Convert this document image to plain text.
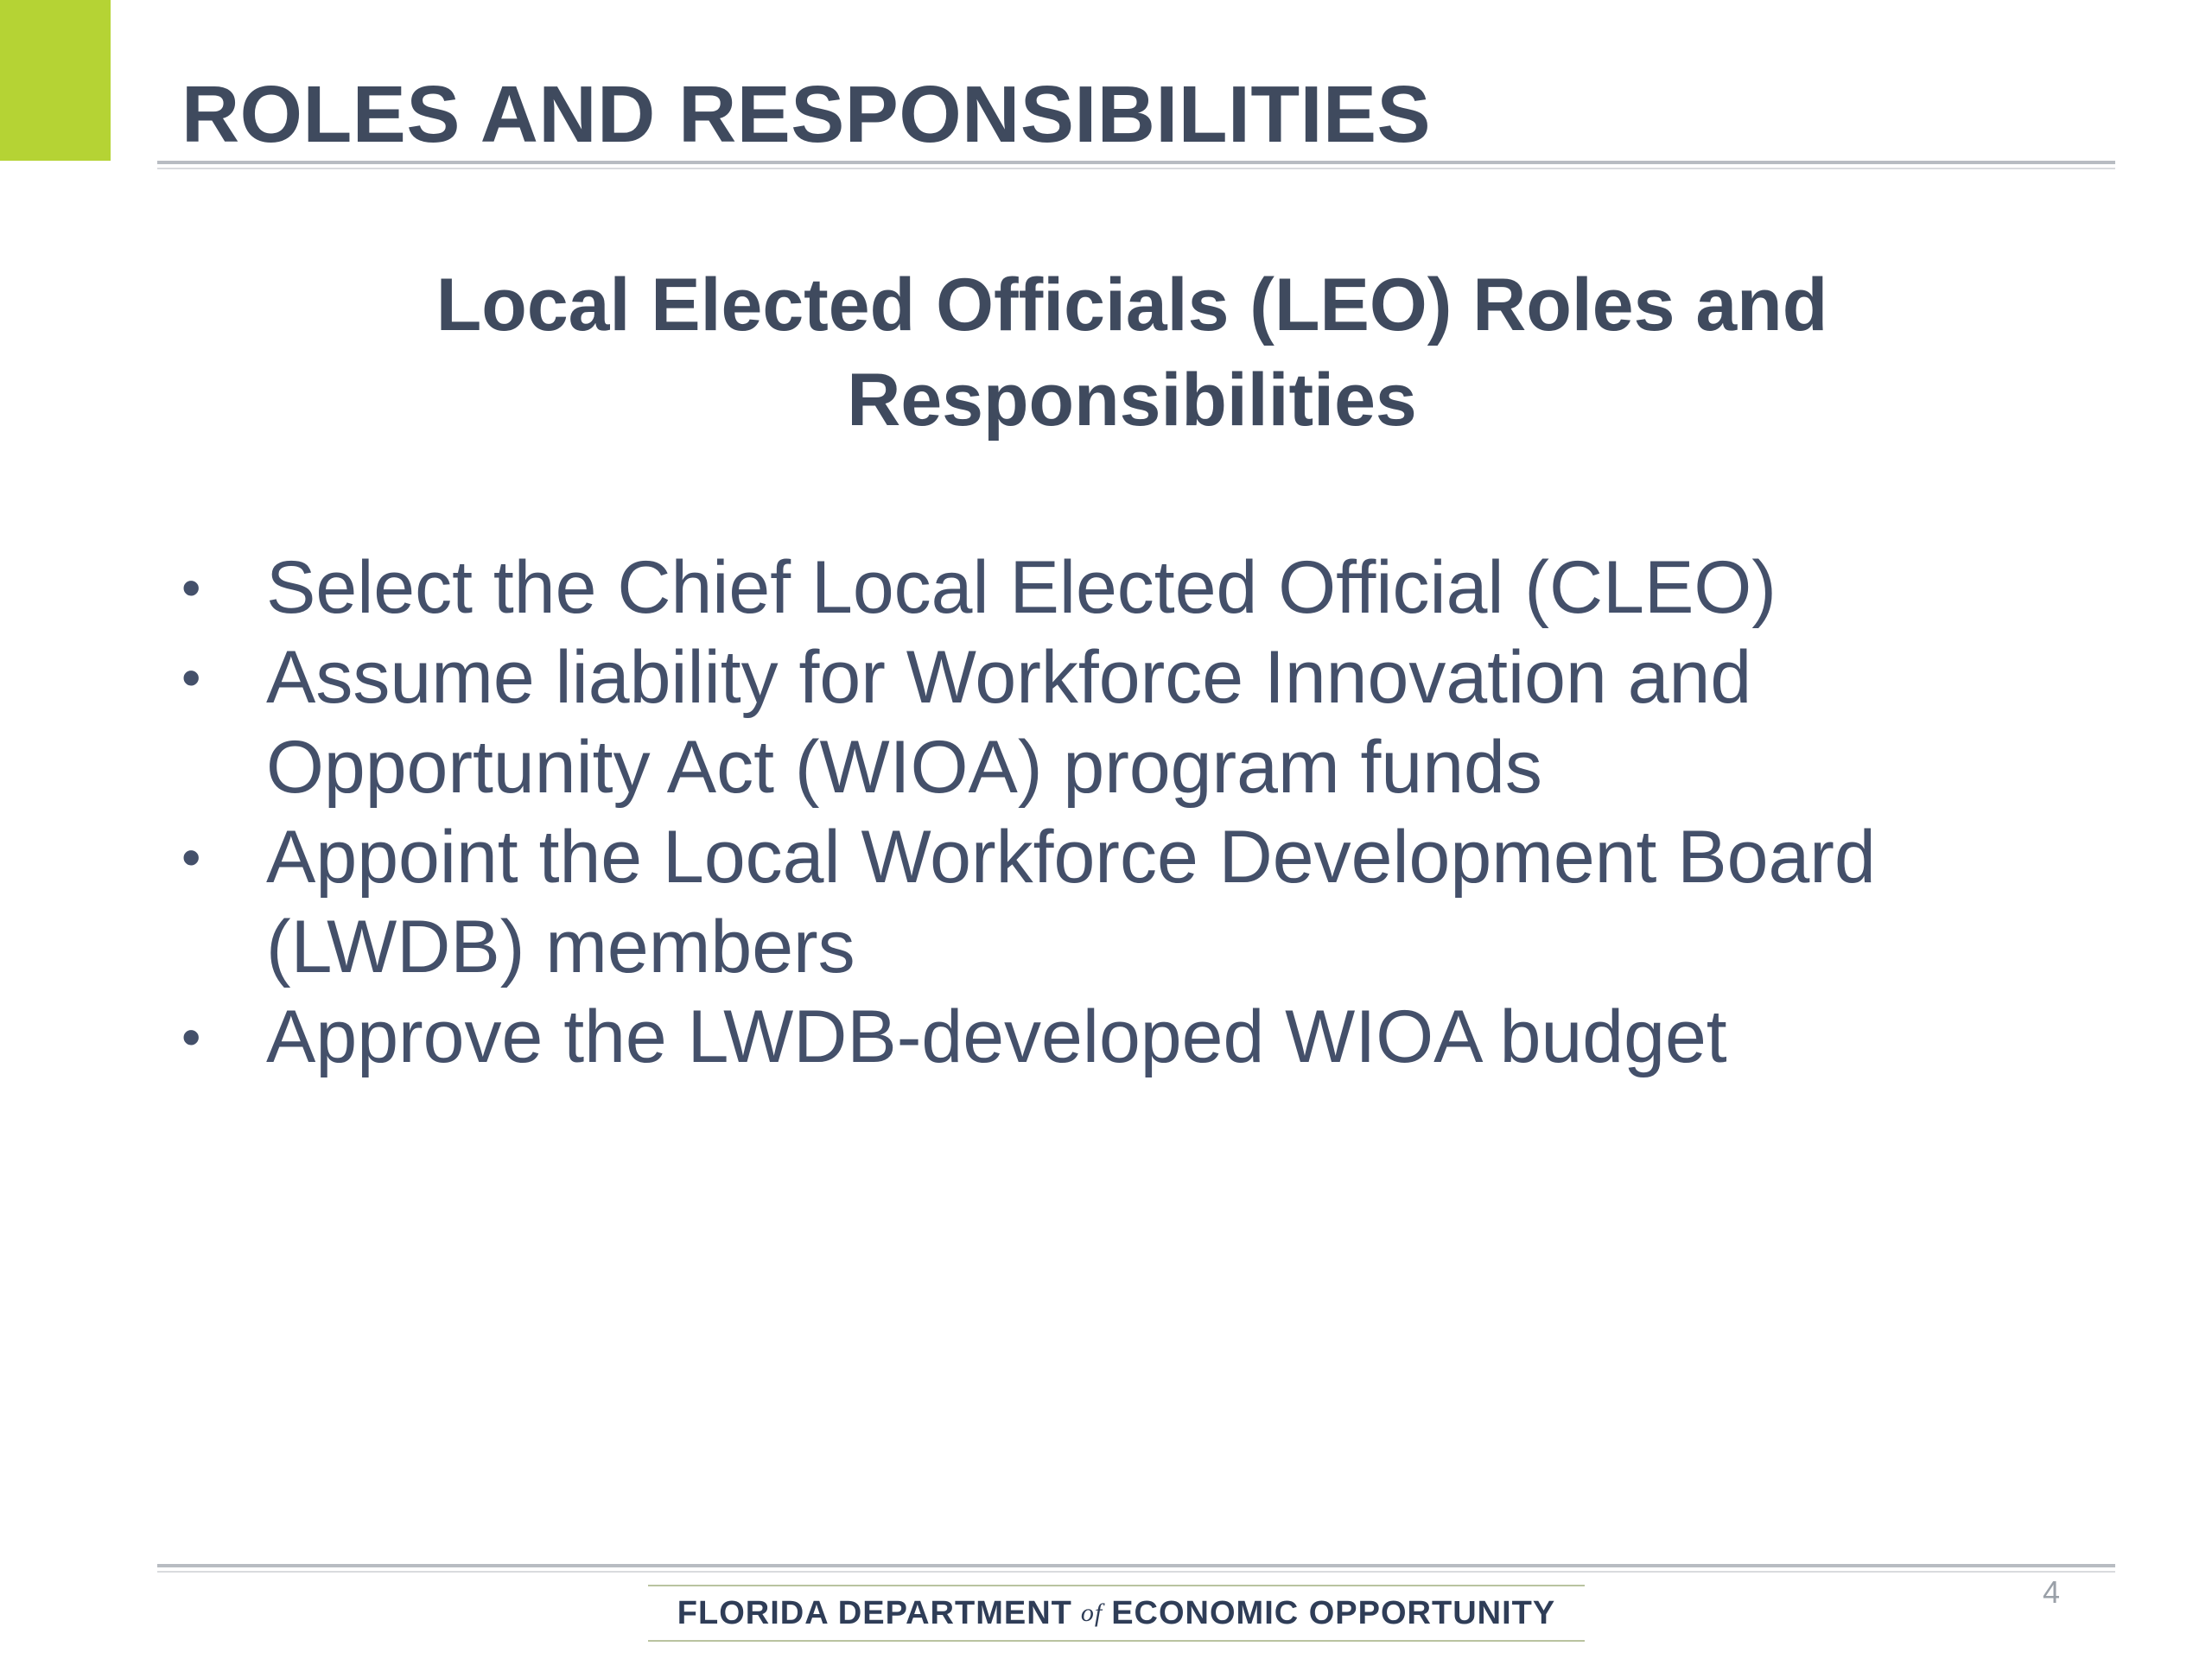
ROLES AND RESPONSIBILITIES
Local Elected Officials (LEO) Roles and
Responsibilities
• Select the Chief Local Elected Official (CLEO)
• Assume liability for Workforce Innovation and
Opportunity Act (WIOA) program funds
• Appoint the Local Workforce Development Board
(LWDB) members
• Approve the LWDB-developed WIOA budget
FLORIDA DEPARTMENT of ECONOMIC OPPORTUNITY
4
